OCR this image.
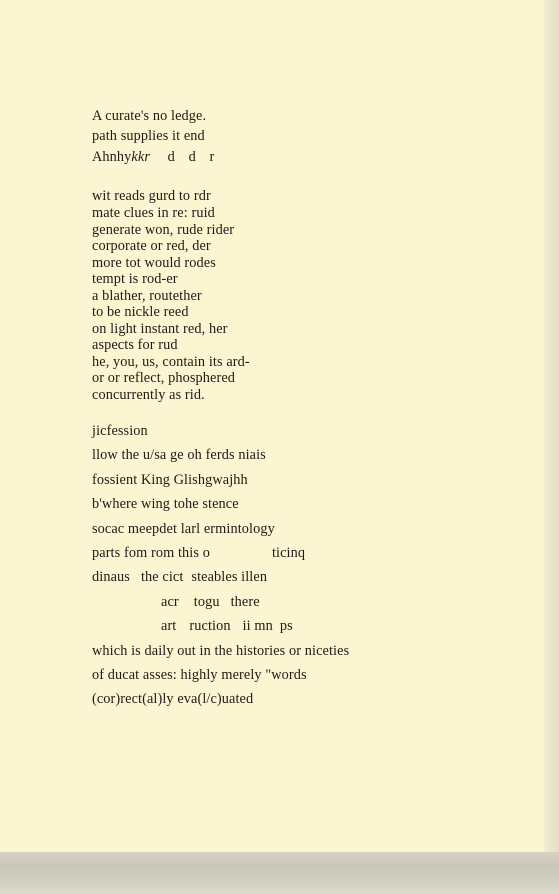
A curate's no ledge.
path supplies it end
Ahnhykkr d d r
wit reads gurd to rdr
mate clues in re: ruid
generate won, rude rider
corporate or red, der
more tot would rodes
tempt is rod-er
a blather, routether
to be nickle reed
on light instant red, her
aspects for rud
he, you, us, contain its ard-
or or reflect, phosphered
concurrently as rid.
jicfession
llow the u/sa ge oh ferds niais
fossient King Glishgwajhh
b'where wing tohe stence
socac meepdet larl ermintology
parts fom rom this o	ticinq
dinaus the cict steables illen
acr togu there
art ruction ii mn ps
which is daily out in the histories or niceties
of ducat asses: highly merely "words
(cor)rect(al)ly eva(l/c)uated
